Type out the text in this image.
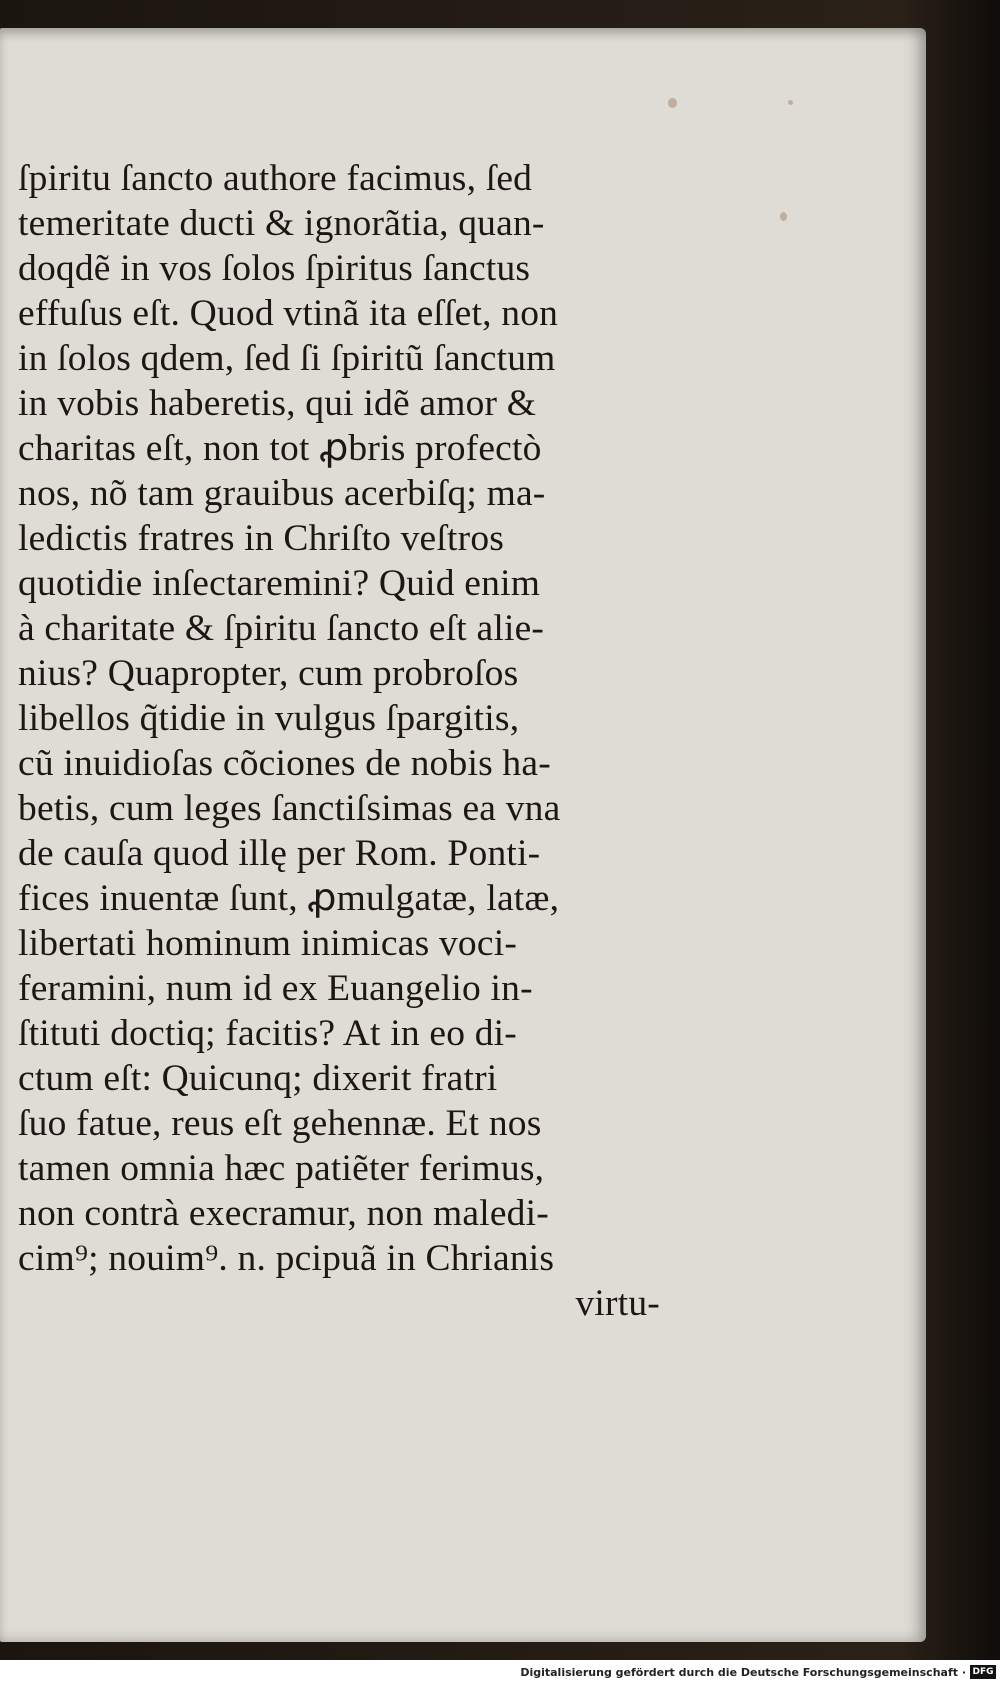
ſpiritu ſancto authore facimus, ſed
temeritate ducti & ignorãtia, quan-
doqdẽ in vos ſolos ſpiritus ſanctus
effuſus eſt. Quod vtinã ita eſſet, non
in ſolos qdem, ſed ſi ſpiritũ ſanctum
in vobis haberetis, qui idẽ amor &
charitas eſt, non tot ꝓbris profectò
nos, nõ tam grauibus acerbiſq; ma-
ledictis fratres in Chriſto veſtros
quotidie inſectaremini? Quid enim
à charitate & ſpiritu ſancto eſt alie-
nius? Quapropter, cum probroſos
libellos q̃tidie in vulgus ſpargitis,
cũ inuidioſas cõciones de nobis ha-
betis, cum leges ſanctiſsimas ea vna
de cauſa quod illę per Rom. Ponti-
fices inuentæ ſunt, ꝓmulgatæ, latæ,
libertati hominum inimicas voci-
feramini, num id ex Euangelio in-
ſtituti doctiq; facitis? At in eo di-
ctum eſt: Quicunq; dixerit fratri
ſuo fatue, reus eſt gehennæ. Et nos
tamen omnia hæc patiẽter ferimus,
non contrà execramur, non maledi-
cim⁹; nouim⁹. n. pcipuã in Chrianis
virtu-
Digitalisierung gefördert durch die Deutsche Forschungsgemeinschaft · DFG
